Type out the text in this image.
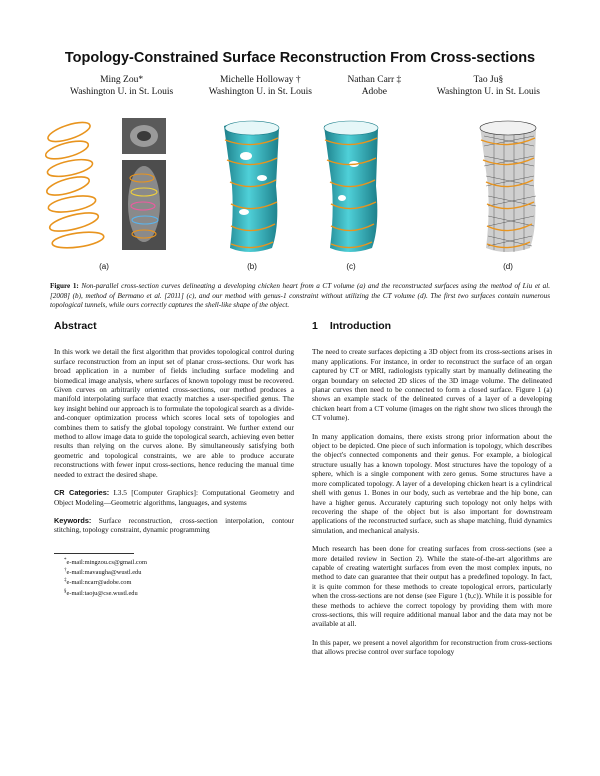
Topology-Constrained Surface Reconstruction From Cross-sections
Ming Zou*
Washington U. in St. Louis
Michelle Holloway †
Washington U. in St. Louis
Nathan Carr ‡
Adobe
Tao Ju§
Washington U. in St. Louis
(a)	(b)	(c)	(d)
Figure 1: Non-parallel cross-section curves delineating a developing chicken heart from a CT volume (a) and the reconstructed surfaces using the method of Liu et al. [2008] (b), method of Bermano et al. [2011] (c), and our method with genus-1 constraint without utilizing the CT volume (d). The first two surfaces contain numerous topological tunnels, while ours correctly captures the shell-like shape of the object.
Abstract

In this work we detail the first algorithm that provides topological control during surface reconstruction from an input set of planar cross-sections. Our work has broad application in a number of fields including surface modeling and biomedical image analysis, where surfaces of known topology must be recovered. Given curves on arbitrarily oriented cross-sections, our method produces a manifold interpolating surface that exactly matches a user-specified genus. The key insight behind our approach is to formulate the topological search as a divide-and-conquer optimization process which scores local sets of topologies and combines them to satisfy the global topology constraint. We further extend our method to allow image data to guide the topological search, achieving even better results than relying on the curves alone. By simultaneously satisfying both geometric and topological constraints, we are able to produce accurate reconstructions with fewer input cross-sections, hence reducing the manual time needed to extract the desired shape.

CR Categories: I.3.5 [Computer Graphics]: Computational Geometry and Object Modeling—Geometric algorithms, languages, and systems

Keywords: Surface reconstruction, cross-section interpolation, contour stitching, topology constraint, dynamic programming

*e-mail:mingzou.cs@gmail.com
†e-mail:mavaugha@wustl.edu
‡e-mail:ncarr@adobe.com
§e-mail:taoju@cse.wustl.edu
1 Introduction

The need to create surfaces depicting a 3D object from its cross-sections arises in many applications. For instance, in order to reconstruct the surface of an organ captured by CT or MRI, radiologists typically start by manually delineating the organ boundary on selected 2D slices of the 3D image volume. The delineated planar curves then need to be connected to form a closed surface. Figure 1 (a) shows an example stack of the delineated curves of a layer of a developing chicken heart from a CT volume (images on the right show two slices through the CT volume).

In many application domains, there exists strong prior information about the object to be depicted. One piece of such information is topology, which describes the object's connected components and their genus. For example, a biological structure usually has a known topology. Most structures have the topology of a sphere, which is a single component with zero genus. Some structures have a more complicated topology. A layer of a developing chicken heart is a cylindrical shell with genus 1. Bones in our body, such as vertebrae and the hip bone, can have a higher genus. Accurately capturing such topology not only helps with recovering the shape of the object but is also important for downstream applications of the reconstructed surface, such as shape matching, fluid dynamics simulation, and mechanical analysis.

Much research has been done for creating surfaces from cross-sections (see a more detailed review in Section 2). While the state-of-the-art algorithms are capable of creating watertight surfaces from even the most complex inputs, no method to date can guarantee that their output has a predefined topology. In fact, it is quite common for these methods to create topological errors, particularly when the cross-sections are not dense (see Figure 1 (b,c)). While it is possible for these methods to achieve the correct topology by providing them with more cross-sections, this will require additional manual labor and the data may not be available at all.

In this paper, we present a novel algorithm for reconstruction from cross-sections that allows precise control over surface topology
